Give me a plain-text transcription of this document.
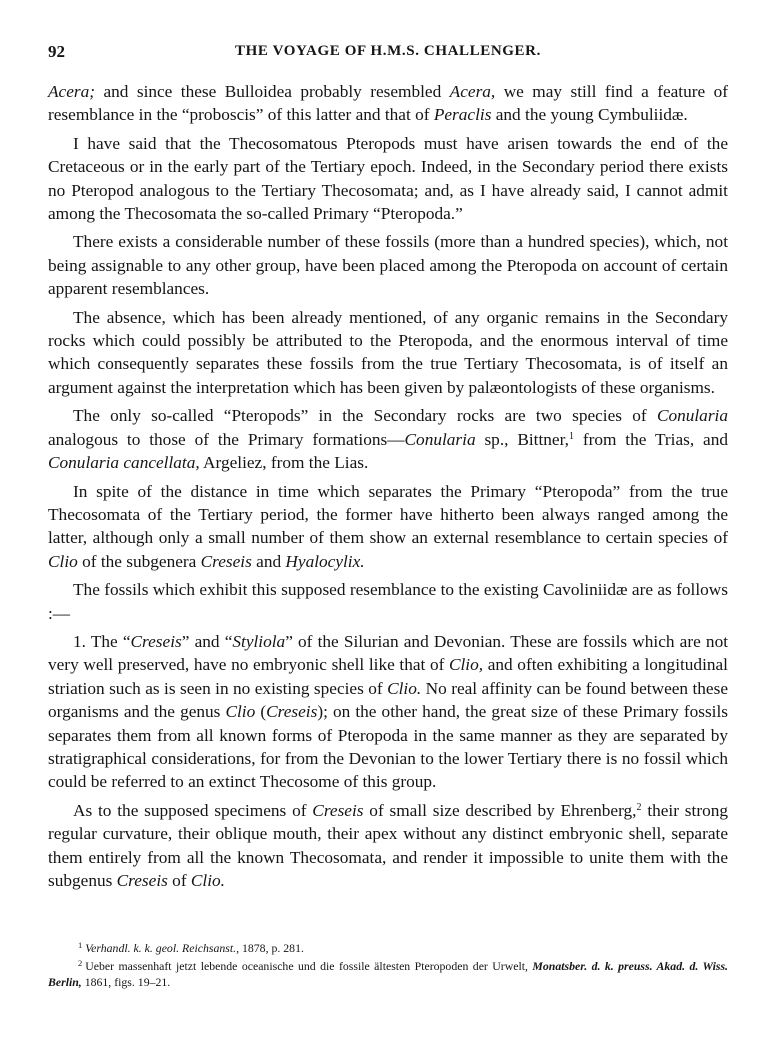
92	THE VOYAGE OF H.M.S. CHALLENGER.

Acera; and since these Bulloidea probably resembled Acera, we may still find a feature of resemblance in the “proboscis” of this latter and that of Peraclis and the young Cymbuliidæ.

I have said that the Thecosomatous Pteropods must have arisen towards the end of the Cretaceous or in the early part of the Tertiary epoch. Indeed, in the Secondary period there exists no Pteropod analogous to the Tertiary Thecosomata; and, as I have already said, I cannot admit among the Thecosomata the so-called Primary “Pteropoda.”

There exists a considerable number of these fossils (more than a hundred species), which, not being assignable to any other group, have been placed among the Pteropoda on account of certain apparent resemblances.

The absence, which has been already mentioned, of any organic remains in the Secondary rocks which could possibly be attributed to the Pteropoda, and the enormous interval of time which consequently separates these fossils from the true Tertiary Thecosomata, is of itself an argument against the interpretation which has been given by palæontologists of these organisms.

The only so-called “Pteropods” in the Secondary rocks are two species of Conularia analogous to those of the Primary formations—Conularia sp., Bittner,$^1$ from the Trias, and Conularia cancellata, Argeliez, from the Lias.

In spite of the distance in time which separates the Primary “Pteropoda” from the true Thecosomata of the Tertiary period, the former have hitherto been always ranged among the latter, although only a small number of them show an external resemblance to certain species of Clio of the subgenera Creseis and Hyalocylix.

The fossils which exhibit this supposed resemblance to the existing Cavoliniidæ are as follows :—

1. The “Creseis” and “Styliola” of the Silurian and Devonian. These are fossils which are not very well preserved, have no embryonic shell like that of Clio, and often exhibiting a longitudinal striation such as is seen in no existing species of Clio. No real affinity can be found between these organisms and the genus Clio (Creseis); on the other hand, the great size of these Primary fossils separates them from all known forms of Pteropoda in the same manner as they are separated by stratigraphical considerations, for from the Devonian to the lower Tertiary there is no fossil which could be referred to an extinct Thecosome of this group.

As to the supposed specimens of Creseis of small size described by Ehrenberg,$^2$ their strong regular curvature, their oblique mouth, their apex without any distinct embryonic shell, separate them entirely from all the known Thecosomata, and render it impossible to unite them with the subgenus Creseis of Clio.

$^1$ Verhandl. k. k. geol. Reichsanst., 1878, p. 281.

$^2$ Ueber massenhaft jetzt lebende oceanische und die fossile ältesten Pteropoden der Urwelt, Monatsber. d. k. preuss. Akad. d. Wiss. Berlin, 1861, figs. 19–21.
